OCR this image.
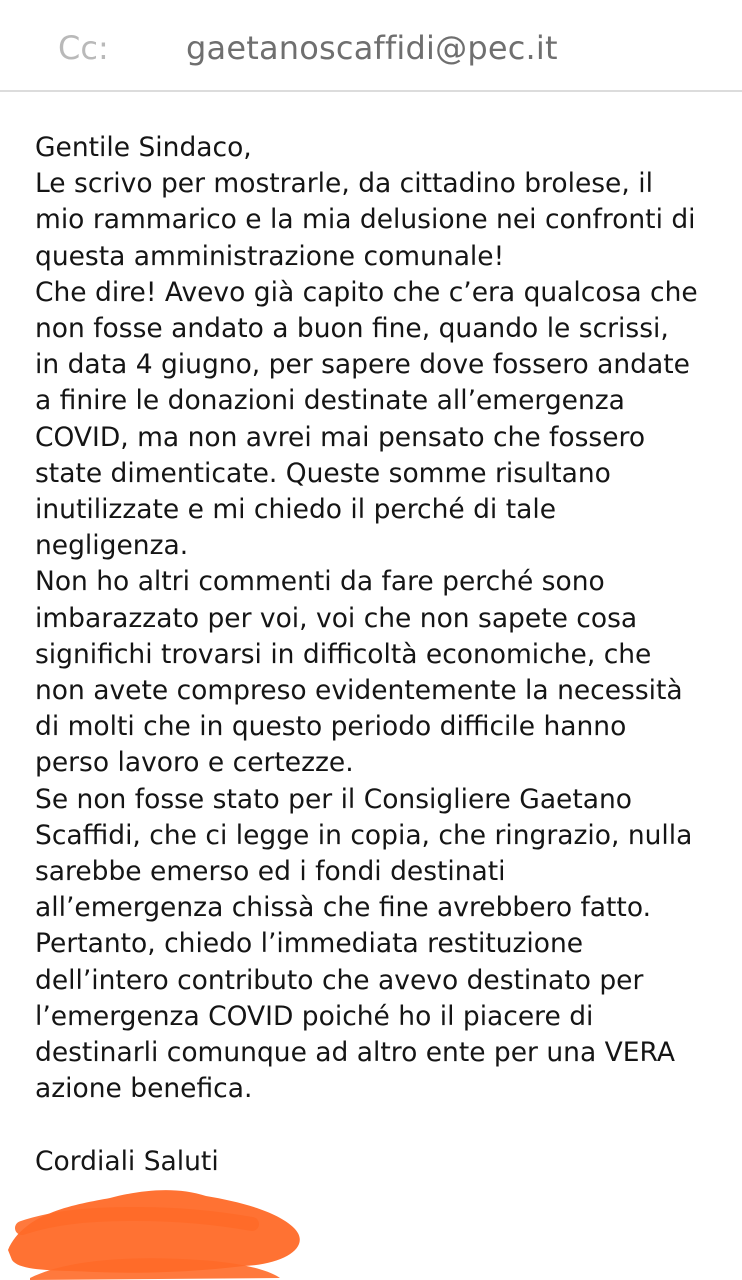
Cc: gaetanoscaffidi@pec.it
Gentile Sindaco,
Le scrivo per mostrarle, da cittadino brolese, il
mio rammarico e la mia delusione nei confronti di
questa amministrazione comunale!
Che dire! Avevo già capito che c’era qualcosa che
non fosse andato a buon fine, quando le scrissi,
in data 4 giugno, per sapere dove fossero andate
a finire le donazioni destinate all’emergenza
COVID, ma non avrei mai pensato che fossero
state dimenticate. Queste somme risultano
inutilizzate e mi chiedo il perché di tale
negligenza.
Non ho altri commenti da fare perché sono
imbarazzato per voi, voi che non sapete cosa
significhi trovarsi in difficoltà economiche, che
non avete compreso evidentemente la necessità
di molti che in questo periodo difficile hanno
perso lavoro e certezze.
Se non fosse stato per il Consigliere Gaetano
Scaffidi, che ci legge in copia, che ringrazio, nulla
sarebbe emerso ed i fondi destinati
all’emergenza chissà che fine avrebbero fatto.
Pertanto, chiedo l’immediata restituzione
dell’intero contributo che avevo destinato per
l’emergenza COVID poiché ho il piacere di
destinarli comunque ad altro ente per una VERA
azione benefica.
Cordiali Saluti
